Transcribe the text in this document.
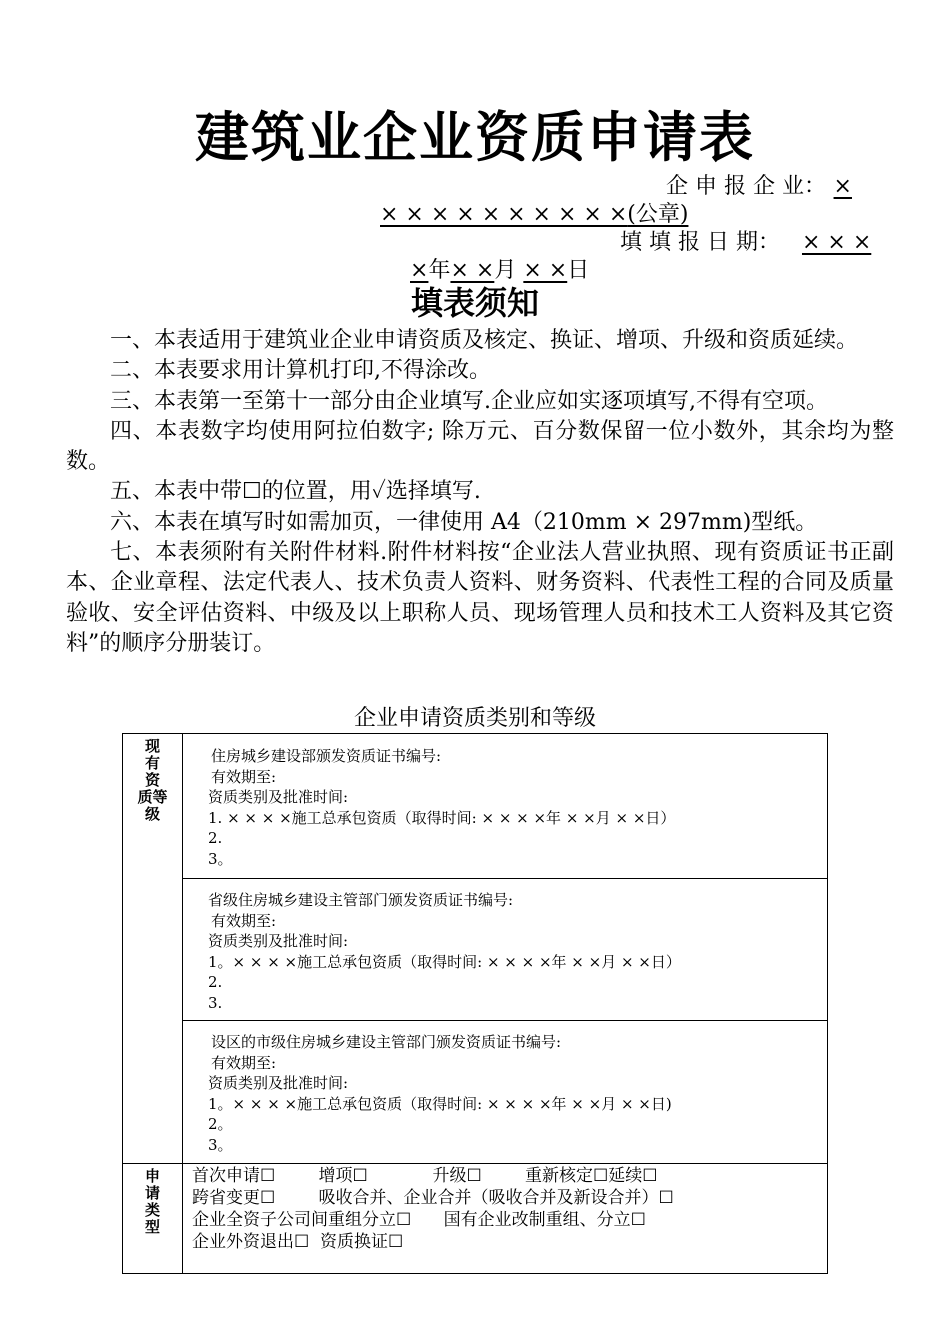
建筑业企业资质申请表
企 申 报 企 业： ×
× × × × × × × × × ×(公章)
填 填 报 日 期： × × ×
×年× ×月 × ×日
填表须知

一、本表适用于建筑业企业申请资质及核定、换证、增项、升级和资质延续。

二、本表要求用计算机打印,不得涂改。

三、本表第一至第十一部分由企业填写.企业应如实逐项填写,不得有空项。

四、本表数字均使用阿拉伯数字; 除万元、百分数保留一位小数外，其余均为整数。

五、本表中带☐的位置，用✓选择填写.

六、本表在填写时如需加页，一律使用 A4（210mm × 297mm)型纸。

七、本表须附有关附件材料.附件材料按“企业法人营业执照、现有资质证书正副本、企业章程、法定代表人、技术负责人资料、财务资料、代表性工程的合同及质量验收、安全评估资料、中级及以上职称人员、现场管理人员和技术工人资料及其它资料”的顺序分册装订。

企业申请资质类别和等级
现
有
资
质等
级
住房城乡建设部颁发资质证书编号:
有效期至:
资质类别及批准时间:
1. × × × ×施工总承包资质（取得时间: × × × ×年 × ×月 × ×日）
2.
3。
省级住房城乡建设主管部门颁发资质证书编号:
有效期至:
资质类别及批准时间:
1。× × × ×施工总承包资质（取得时间: × × × ×年 × ×月 × ×日）
2.
3.
设区的市级住房城乡建设主管部门颁发资质证书编号:
有效期至:
资质类别及批准时间:
1。× × × ×施工总承包资质（取得时间: × × × ×年 × ×月 × ×日)
2。
3。
申
请
类
型
首次申请☐        增项☐            升级☐        重新核定☐延续☐
跨省变更☐        吸收合并、企业合并（吸收合并及新设合并）☐
企业全资子公司间重组分立☐      国有企业改制重组、分立☐
企业外资退出☐  资质换证☐
